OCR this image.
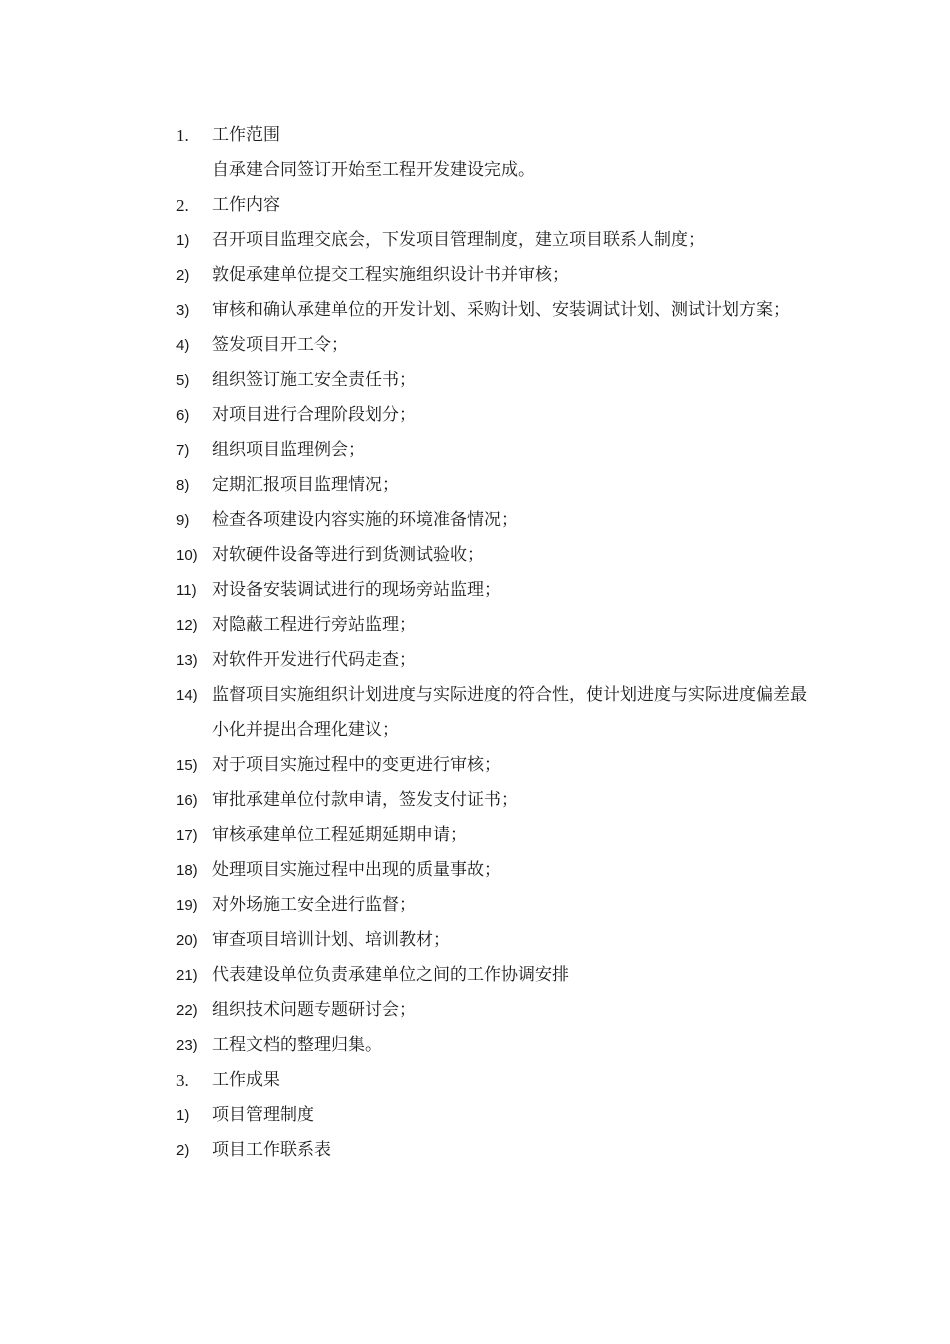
1.	工作范围
自承建合同签订开始至工程开发建设完成。
2.	工作内容
1)	召开项目监理交底会，下发项目管理制度，建立项目联系人制度；
2)	敦促承建单位提交工程实施组织设计书并审核；
3)	审核和确认承建单位的开发计划、采购计划、安装调试计划、测试计划方案；
4)	签发项目开工令；
5)	组织签订施工安全责任书；
6)	对项目进行合理阶段划分；
7)	组织项目监理例会；
8)	定期汇报项目监理情况；
9)	检查各项建设内容实施的环境准备情况；
10) 对软硬件设备等进行到货测试验收；
11) 对设备安装调试进行的现场旁站监理；
12) 对隐蔽工程进行旁站监理；
13) 对软件开发进行代码走查；
14) 监督项目实施组织计划进度与实际进度的符合性，使计划进度与实际进度偏差最小化并提出合理化建议；
15) 对于项目实施过程中的变更进行审核；
16) 审批承建单位付款申请，签发支付证书；
17) 审核承建单位工程延期延期申请；
18) 处理项目实施过程中出现的质量事故；
19) 对外场施工安全进行监督；
20) 审查项目培训计划、培训教材；
21) 代表建设单位负责承建单位之间的工作协调安排
22) 组织技术问题专题研讨会；
23) 工程文档的整理归集。
3.	工作成果
1)	项目管理制度
2)	项目工作联系表
